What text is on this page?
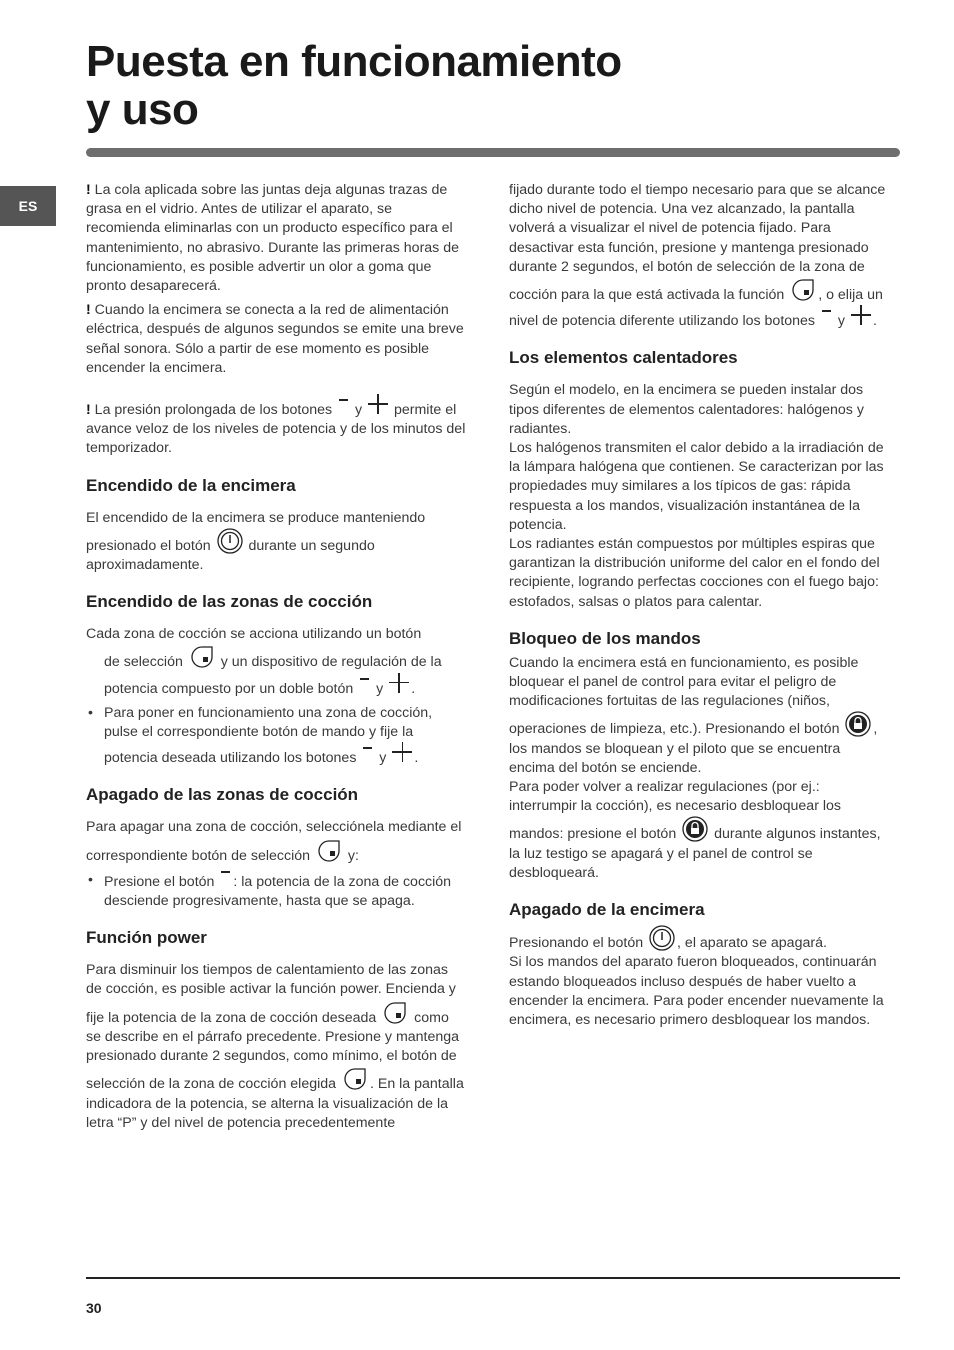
Puesta en funcionamiento
y uso
ES

! La cola aplicada sobre las juntas deja algunas trazas de grasa en el vidrio. Antes de utilizar el aparato, se recomienda eliminarlas con un producto específico para el mantenimiento, no abrasivo. Durante las primeras horas de funcionamiento, es posible advertir un olor a goma que pronto desaparecerá.

! Cuando la encimera se conecta a la red de alimentación eléctrica, después de algunos segundos se emite una breve señal sonora. Sólo a partir de ese momento es posible encender la encimera.

! La presión prolongada de los botones  y  permite el avance veloz de los niveles de potencia y de los minutos del temporizador.

Encendido de la encimera

El encendido de la encimera se produce manteniendo presionado el botón
durante un segundo aproximadamente.

Encendido de las zonas de cocción

Cada zona de cocción se acciona utilizando un botón

de selección
y un dispositivo de regulación de la potencia compuesto por un doble botón  y .

• Para poner en funcionamiento una zona de cocción, pulse el correspondiente botón de mando y fije la potencia deseada utilizando los botones  y .
Apagado de las zonas de cocción

Para apagar una zona de cocción, selecciónela mediante el correspondiente botón de selección
y:

• Presione el botón : la potencia de la zona de cocción desciende progresivamente, hasta que se apaga.
Función power

Para disminuir los tiempos de calentamiento de las zonas de cocción, es posible activar la función power. Encienda y fije la potencia de la zona de cocción deseada
como se describe en el párrafo precedente. Presione y mantenga presionado durante 2 segundos, como mínimo, el botón de selección de la zona de cocción elegida
. En la pantalla indicadora de la potencia, se alterna la visualización de la letra “P” y del nivel de potencia precedentemente

fijado durante todo el tiempo necesario para que se alcance dicho nivel de potencia. Una vez alcanzado, la pantalla volverá a visualizar el nivel de potencia fijado. Para desactivar esta función, presione y mantenga presionado durante 2 segundos, el botón de selección de la zona de cocción para la que está activada la función
, o elija un nivel de potencia diferente utilizando los botones  y .

Los elementos calentadores

Según el modelo, en la encimera se pueden instalar dos tipos diferentes de elementos calentadores: halógenos y radiantes.

Los halógenos transmiten el calor debido a la irradiación de la lámpara halógena que contienen. Se caracterizan por las propiedades muy similares a los típicos de gas: rápida respuesta a los mandos, visualización instantánea de la potencia.

Los radiantes están compuestos por múltiples espiras que garantizan la distribución uniforme del calor en el fondo del recipiente, logrando perfectas cocciones con el fuego bajo: estofados, salsas o platos para calentar.

Bloqueo de los mandos

Cuando la encimera está en funcionamiento, es posible bloquear el panel de control para evitar el peligro de modificaciones fortuitas de las regulaciones (niños, operaciones de limpieza, etc.). Presionando el botón
, los mandos se bloquean y el piloto que se encuentra encima del botón se enciende.

Para poder volver a realizar regulaciones (por ej.: interrumpir la cocción), es necesario desbloquear los mandos: presione el botón
durante algunos instantes, la luz testigo se apagará y el panel de control se desbloqueará.

Apagado de la encimera

Presionando el botón
, el aparato se apagará.

Si los mandos del aparato fueron bloqueados, continuarán estando bloqueados incluso después de haber vuelto a encender la encimera. Para poder encender nuevamente la encimera, es necesario primero desbloquear los mandos.

30
